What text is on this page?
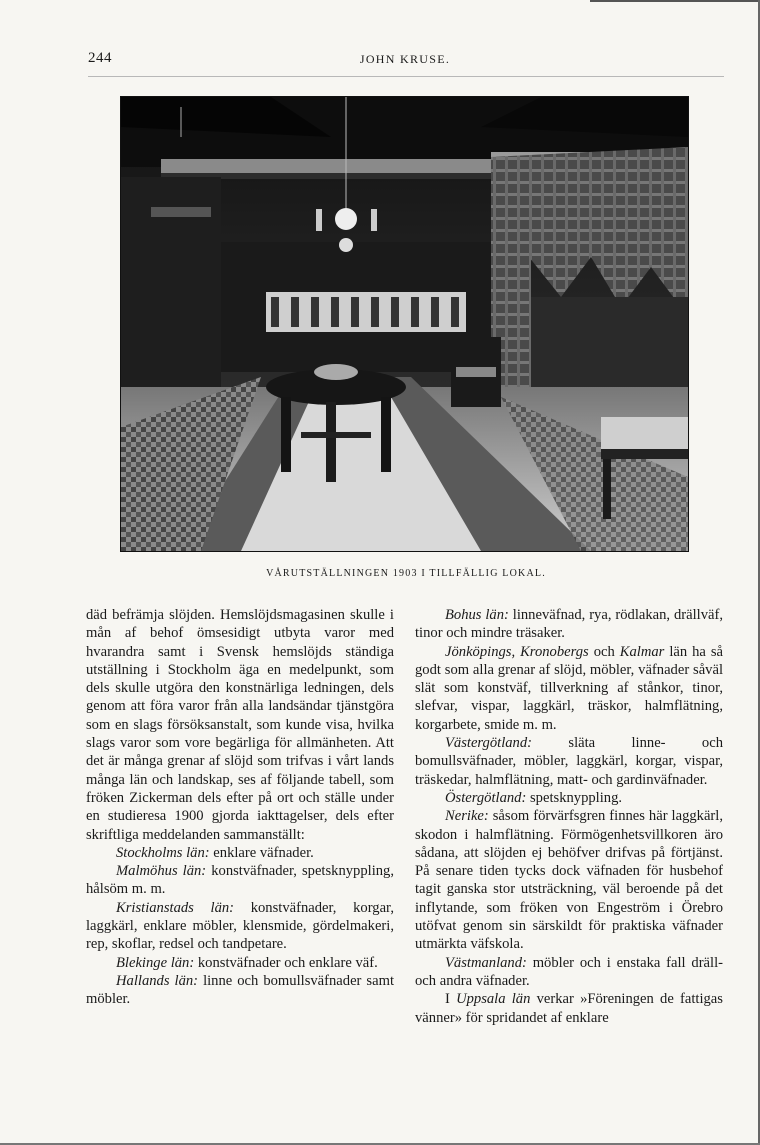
244	JOHN KRUSE.
VÅRUTSTÄLLNINGEN 1903 I TILLFÄLLIG LOKAL.

däd befrämja slöjden. Hemslöjdsmagasinen skulle i mån af behof ömsesidigt utbyta varor med hvarandra samt i Svensk hemslöjds ständiga utställning i Stockholm äga en medelpunkt, som dels skulle utgöra den konstnärliga ledningen, dels genom att föra varor från alla landsändar tjänstgöra som en slags försöksanstalt, som kunde visa, hvilka slags varor som vore begärliga för allmänheten. Att det är många grenar af slöjd som trifvas i vårt lands många län och landskap, ses af följande tabell, som fröken Zickerman dels efter på ort och ställe under en studieresa 1900 gjorda iakttagelser, dels efter skriftliga meddelanden sammanställt:

Stockholms län: enklare väfnader.

Malmöhus län: konstväfnader, spetsknyppling, hålsöm m. m.

Kristianstads län: konstväfnader, korgar, laggkärl, enklare möbler, klensmide, gördelmakeri, rep, skoflar, redsel och tandpetare.

Blekinge län: konstväfnader och enklare väf.

Hallands län: linne och bomullsväfnader samt möbler.

Bohus län: linneväfnad, rya, rödlakan, drällväf, tinor och mindre träsaker.

Jönköpings, Kronobergs och Kalmar län ha så godt som alla grenar af slöjd, möbler, väfnader såväl slät som konstväf, tillverkning af stånkor, tinor, slefvar, vispar, laggkärl, träskor, halmflätning, korgarbete, smide m. m.

Västergötland: släta linne- och bomullsväfnader, möbler, laggkärl, korgar, vispar, träskedar, halmflätning, matt- och gardinväfnader.

Östergötland: spetsknyppling.

Nerike: såsom förvärfsgren finnes här laggkärl, skodon i halmflätning. Förmögenhetsvillkoren äro sådana, att slöjden ej behöfver drifvas på förtjänst. På senare tiden tycks dock väfnaden för husbehof tagit ganska stor utsträckning, väl beroende på det inflytande, som fröken von Engeström i Örebro utöfvat genom sin särskildt för praktiska väfnader utmärkta väfskola.

Västmanland: möbler och i enstaka fall dräll- och andra väfnader.

I Uppsala län verkar »Föreningen de fattigas vänner» för spridandet af enklare
